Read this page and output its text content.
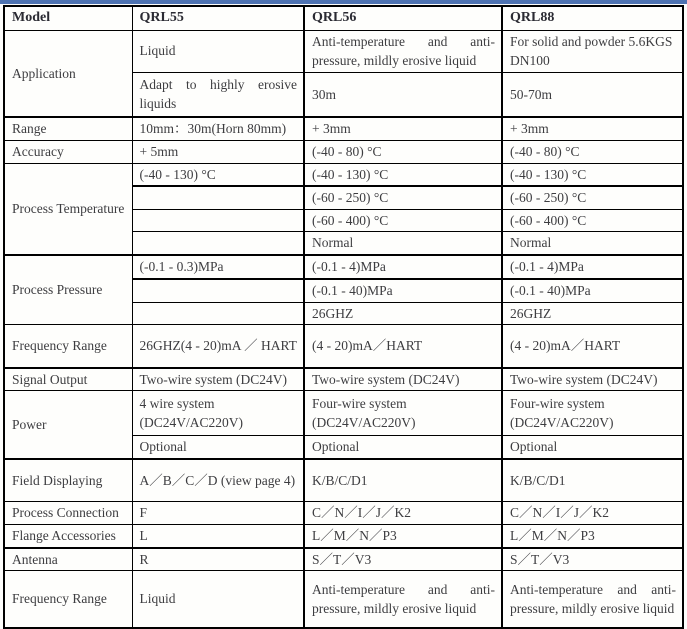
Model	QRL55	QRL56	QRL88
Application	Liquid	Anti-temperature and anti-pressure, mildly erosive liquid	For solid and powder 5.6KGS DN100
	Adapt to highly erosive liquids	30m	50-70m
Range	10mm：30m(Horn 80mm)	+ 3mm	+ 3mm
Accuracy	+ 5mm	(-40 - 80) °C	(-40 - 80) °C
Process Temperature	(-40 - 130) °C	(-40 - 130) °C	(-40 - 130) °C
		(-60 - 250) °C	(-60 - 250) °C
		(-60 - 400) °C	(-60 - 400) °C
		Normal	Normal
Process Pressure	(-0.1 - 0.3)MPa	(-0.1 - 4)MPa	(-0.1 - 4)MPa
		(-0.1 - 40)MPa	(-0.1 - 40)MPa
		26GHZ	26GHZ
Frequency Range	26GHZ(4 - 20)mA ／ HART	(4 - 20)mA／HART	(4 - 20)mA／HART
Signal Output	Two-wire system (DC24V)	Two-wire system (DC24V)	Two-wire system (DC24V)
Power	4 wire system (DC24V/AC220V)	Four-wire system (DC24V/AC220V)	Four-wire system (DC24V/AC220V)
	Optional	Optional	Optional
Field Displaying	A／B／C／D (view page 4)	K/B/C/D1	K/B/C/D1
Process Connection	F	C／N／I／J／K2	C／N／I／J／K2
Flange Accessories	L	L／M／N／P3	L／M／N／P3
Antenna	R	S／T／V3	S／T／V3
Frequency Range	Liquid	Anti-temperature and anti-pressure, mildly erosive liquid	Anti-temperature and anti-pressure, mildly erosive liquid
